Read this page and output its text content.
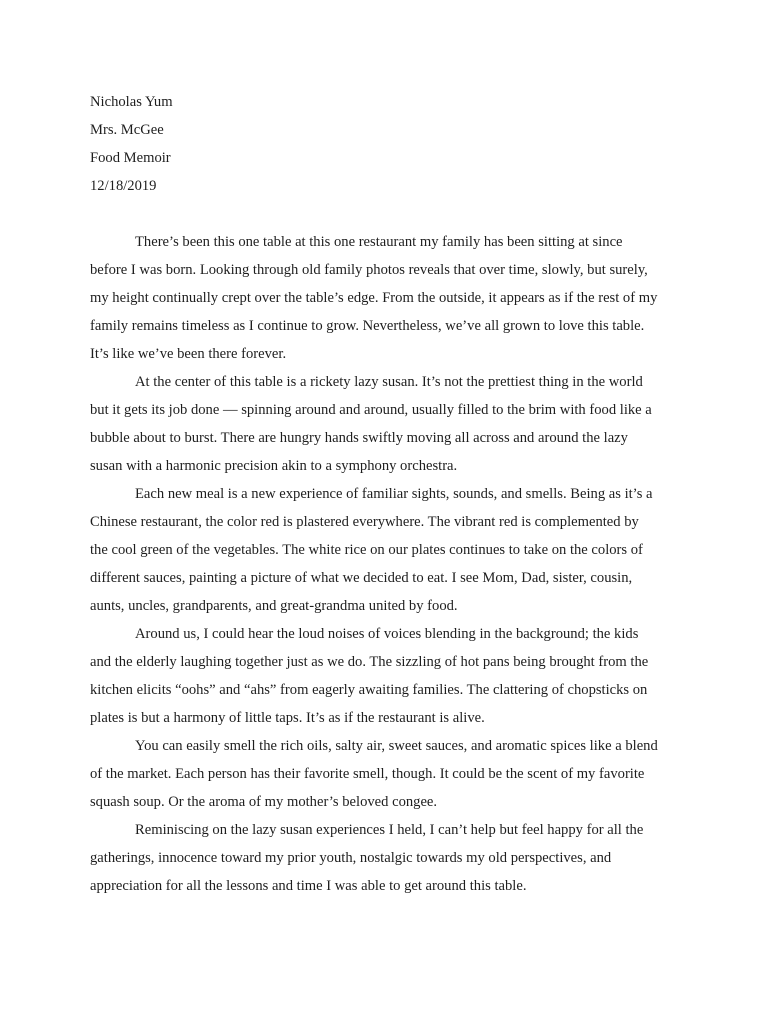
Nicholas Yum
Mrs. McGee
Food Memoir
12/18/2019

There’s been this one table at this one restaurant my family has been sitting at since
before I was born. Looking through old family photos reveals that over time, slowly, but surely,
my height continually crept over the table’s edge. From the outside, it appears as if the rest of my
family remains timeless as I continue to grow. Nevertheless, we’ve all grown to love this table.
It’s like we’ve been there forever.

At the center of this table is a rickety lazy susan. It’s not the prettiest thing in the world
but it gets its job done — spinning around and around, usually filled to the brim with food like a
bubble about to burst. There are hungry hands swiftly moving all across and around the lazy
susan with a harmonic precision akin to a symphony orchestra.

Each new meal is a new experience of familiar sights, sounds, and smells. Being as it’s a
Chinese restaurant, the color red is plastered everywhere. The vibrant red is complemented by
the cool green of the vegetables. The white rice on our plates continues to take on the colors of
different sauces, painting a picture of what we decided to eat. I see Mom, Dad, sister, cousin,
aunts, uncles, grandparents, and great-grandma united by food.

Around us, I could hear the loud noises of voices blending in the background; the kids
and the elderly laughing together just as we do. The sizzling of hot pans being brought from the
kitchen elicits “oohs” and “ahs” from eagerly awaiting families. The clattering of chopsticks on
plates is but a harmony of little taps. It’s as if the restaurant is alive.

You can easily smell the rich oils, salty air, sweet sauces, and aromatic spices like a blend
of the market. Each person has their favorite smell, though. It could be the scent of my favorite
squash soup. Or the aroma of my mother’s beloved congee.

Reminiscing on the lazy susan experiences I held, I can’t help but feel happy for all the
gatherings, innocence toward my prior youth, nostalgic towards my old perspectives, and
appreciation for all the lessons and time I was able to get around this table.
